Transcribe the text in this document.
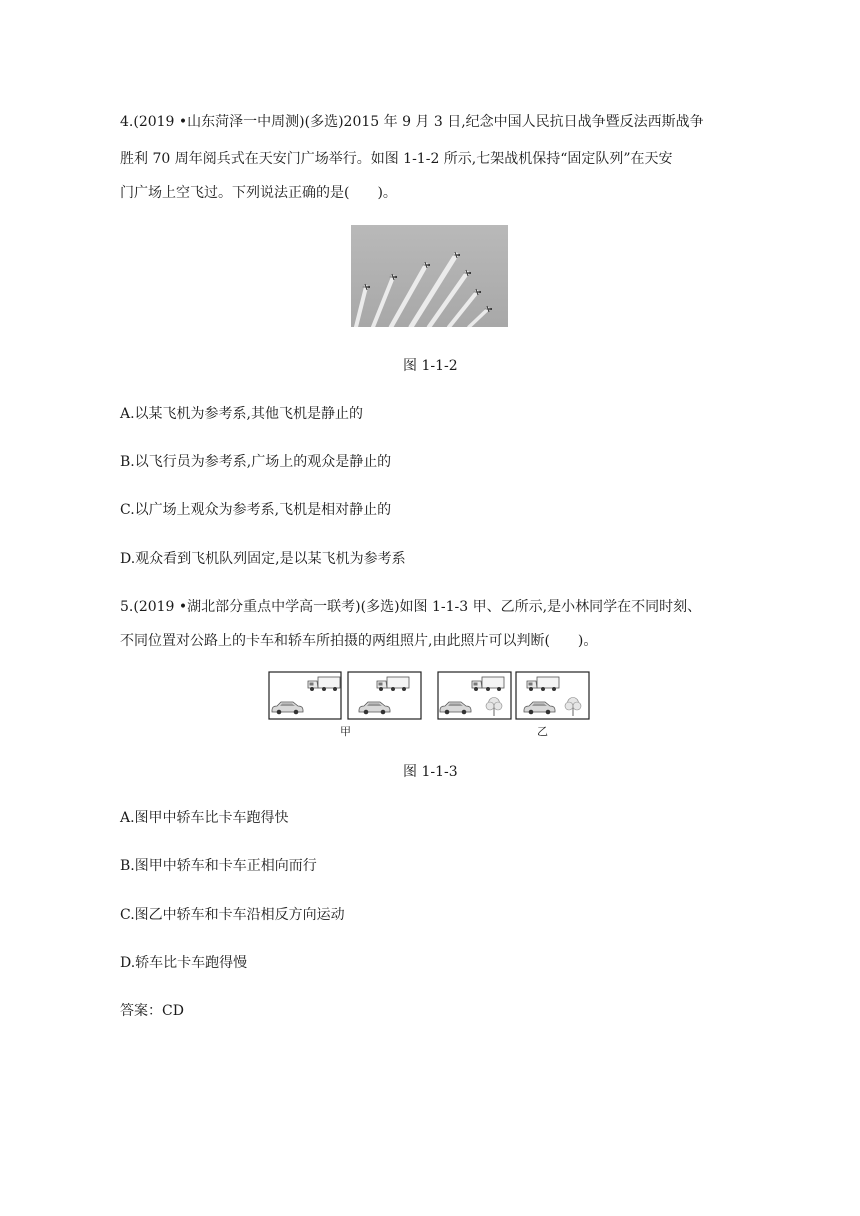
4.(2019 •山东菏泽一中周测)(多选)2015 年 9 月 3 日,纪念中国人民抗日战争暨反法西斯战争
胜利 70 周年阅兵式在天安门广场举行。如图 1-1-2 所示,七架战机保持“固定队列”在天安
门广场上空飞过。下列说法正确的是(　　)。
图 1-1-2
A.以某飞机为参考系,其他飞机是静止的
B.以飞行员为参考系,广场上的观众是静止的
C.以广场上观众为参考系,飞机是相对静止的
D.观众看到飞机队列固定,是以某飞机为参考系
5.(2019 •湖北部分重点中学高一联考)(多选)如图 1-1-3 甲、乙所示,是小林同学在不同时刻、
不同位置对公路上的卡车和轿车所拍摄的两组照片,由此照片可以判断(　　)。
甲	乙
图 1-1-3
A.图甲中轿车比卡车跑得快
B.图甲中轿车和卡车正相向而行
C.图乙中轿车和卡车沿相反方向运动
D.轿车比卡车跑得慢
答案：CD
